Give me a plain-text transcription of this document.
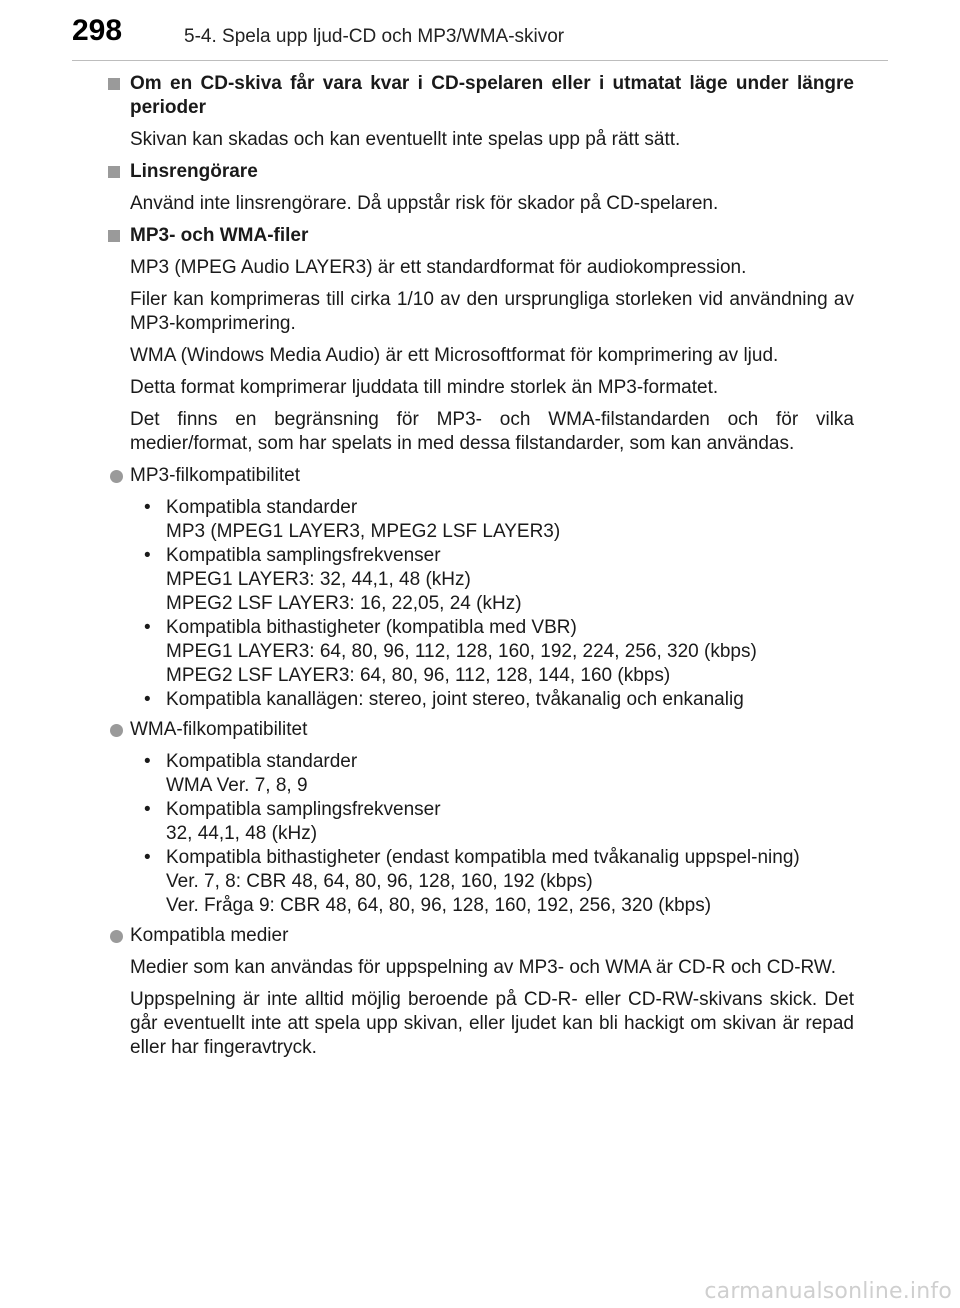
298	5-4. Spela upp ljud-CD och MP3/WMA-skivor
Om en CD-skiva får vara kvar i CD-spelaren eller i utmatat läge under längre perioder
Skivan kan skadas och kan eventuellt inte spelas upp på rätt sätt.
Linsrengörare
Använd inte linsrengörare. Då uppstår risk för skador på CD-spelaren.
MP3- och WMA-filer
MP3 (MPEG Audio LAYER3) är ett standardformat för audiokompression.
Filer kan komprimeras till cirka 1/10 av den ursprungliga storleken vid användning av MP3-komprimering.
WMA (Windows Media Audio) är ett Microsoftformat för komprimering av ljud.
Detta format komprimerar ljuddata till mindre storlek än MP3-formatet.
Det finns en begränsning för MP3- och WMA-filstandarden och för vilka medier/format, som har spelats in med dessa filstandarder, som kan användas.
MP3-filkompatibilitet
• Kompatibla standarder
MP3 (MPEG1 LAYER3, MPEG2 LSF LAYER3)
• Kompatibla samplingsfrekvenser
MPEG1 LAYER3: 32, 44,1, 48 (kHz)
MPEG2 LSF LAYER3: 16, 22,05, 24 (kHz)
• Kompatibla bithastigheter (kompatibla med VBR)
MPEG1 LAYER3: 64, 80, 96, 112, 128, 160, 192, 224, 256, 320 (kbps)
MPEG2 LSF LAYER3: 64, 80, 96, 112, 128, 144, 160 (kbps)
• Kompatibla kanallägen: stereo, joint stereo, tvåkanalig och enkanalig
WMA-filkompatibilitet
• Kompatibla standarder
WMA Ver. 7, 8, 9
• Kompatibla samplingsfrekvenser
32, 44,1, 48 (kHz)
• Kompatibla bithastigheter (endast kompatibla med tvåkanalig uppspel-ning)
Ver. 7, 8: CBR 48, 64, 80, 96, 128, 160, 192 (kbps)
Ver. Fråga 9: CBR 48, 64, 80, 96, 128, 160, 192, 256, 320 (kbps)
Kompatibla medier
Medier som kan användas för uppspelning av MP3- och WMA är CD-R och CD-RW.
Uppspelning är inte alltid möjlig beroende på CD-R- eller CD-RW-skivans skick. Det går eventuellt inte att spela upp skivan, eller ljudet kan bli hackigt om skivan är repad eller har fingeravtryck.
carmanualsonline.info
